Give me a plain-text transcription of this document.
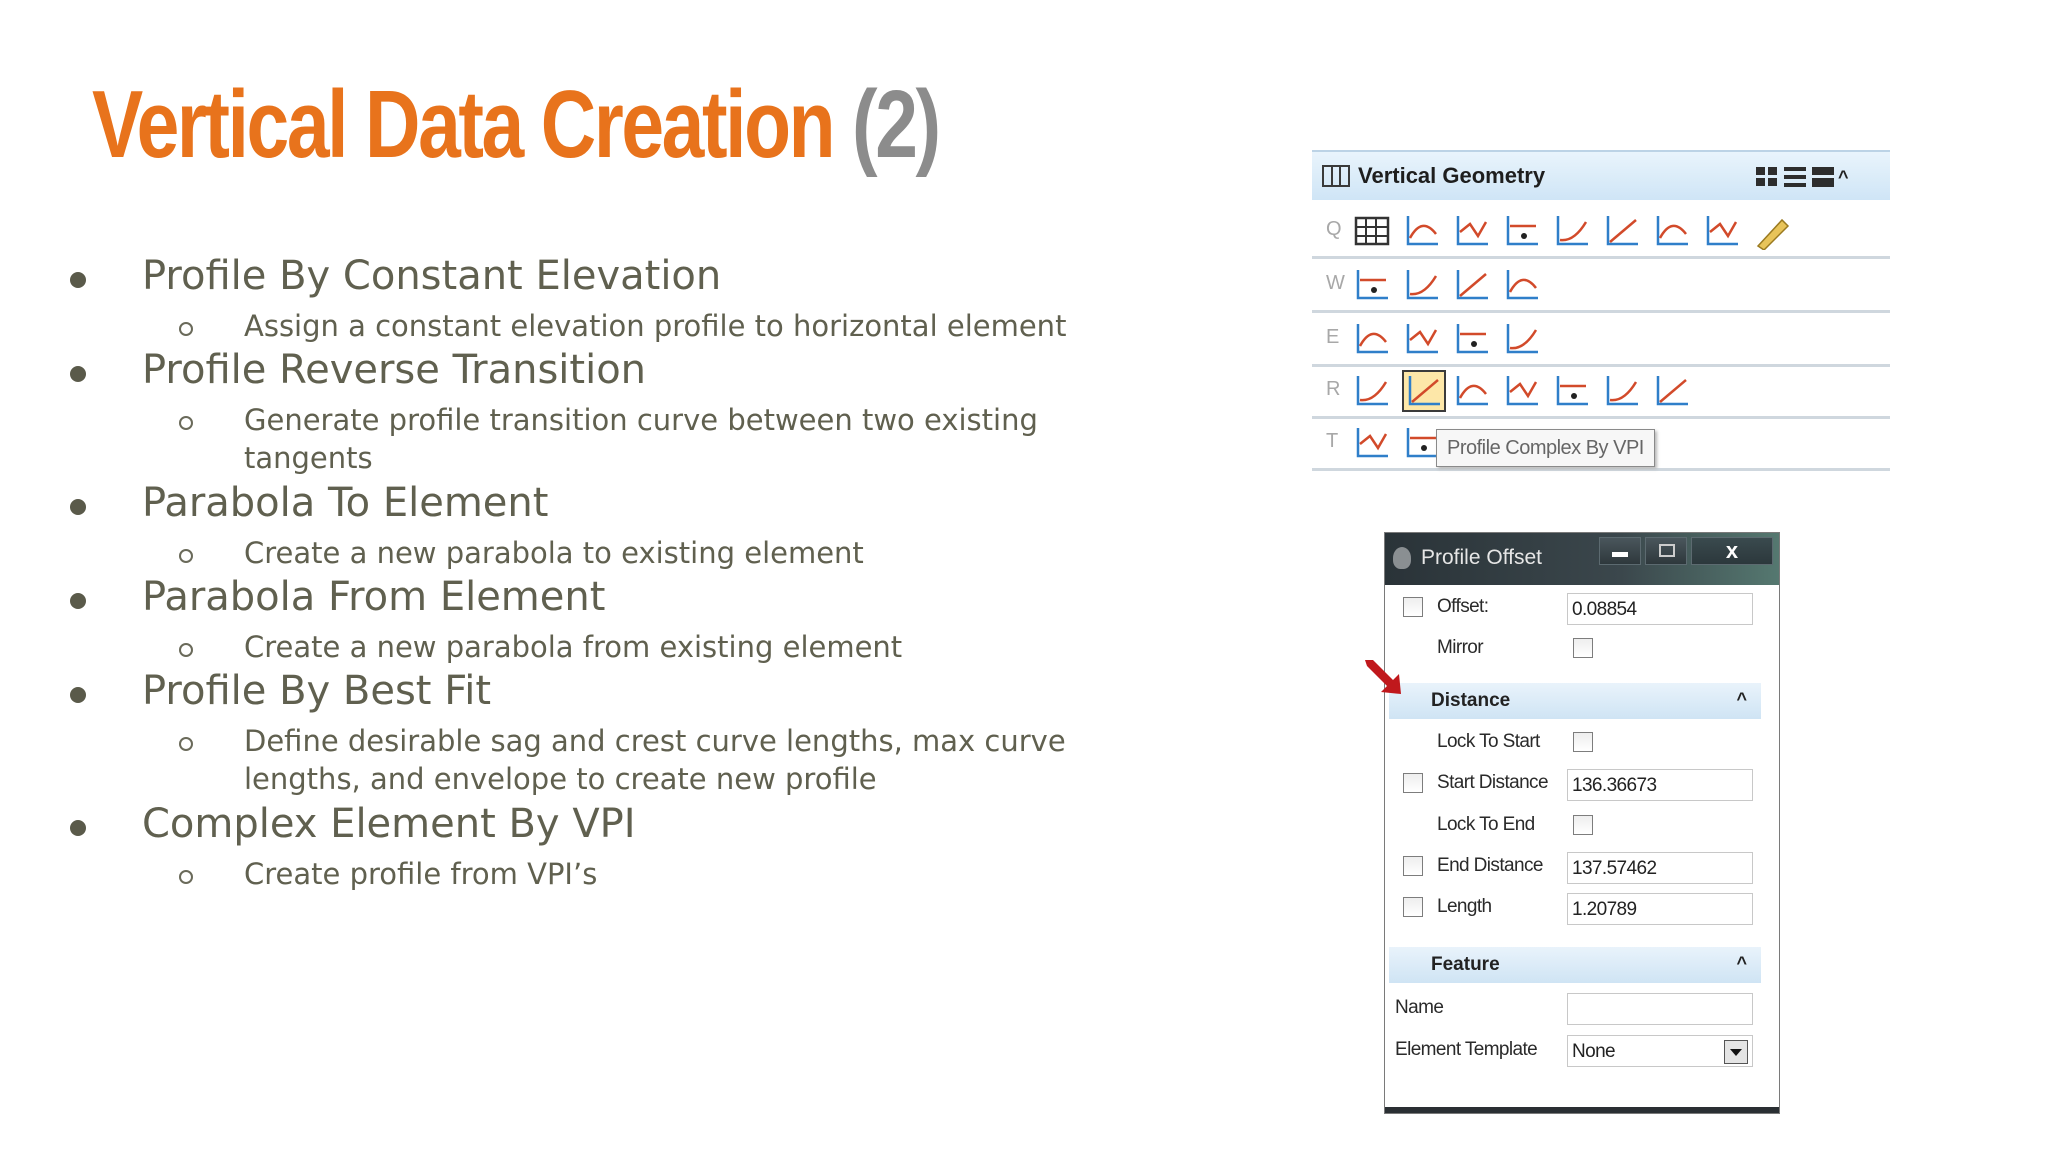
Vertical Data Creation (2)
Profile By Constant Elevation
Assign a constant elevation profile to horizontal element
Profile Reverse Transition
Generate profile transition curve between two existing
tangents
Parabola To Element
Create a new parabola to existing element
Parabola From Element
Create a new parabola from existing element
Profile By Best Fit
Define desirable sag and crest curve lengths, max curve
lengths, and envelope to create new profile
Complex Element By VPI
Create profile from VPI’s
Vertical Geometry	^
Q
W
E
R
T	Profile Complex By VPI
Profile Offset	x
Offset:	0.08854
Mirror
Distance	^
Lock To Start
Start Distance 136.36673
Lock To End
End Distance 137.57462
Length	1.20789
Feature	^
Name
Element Template None
